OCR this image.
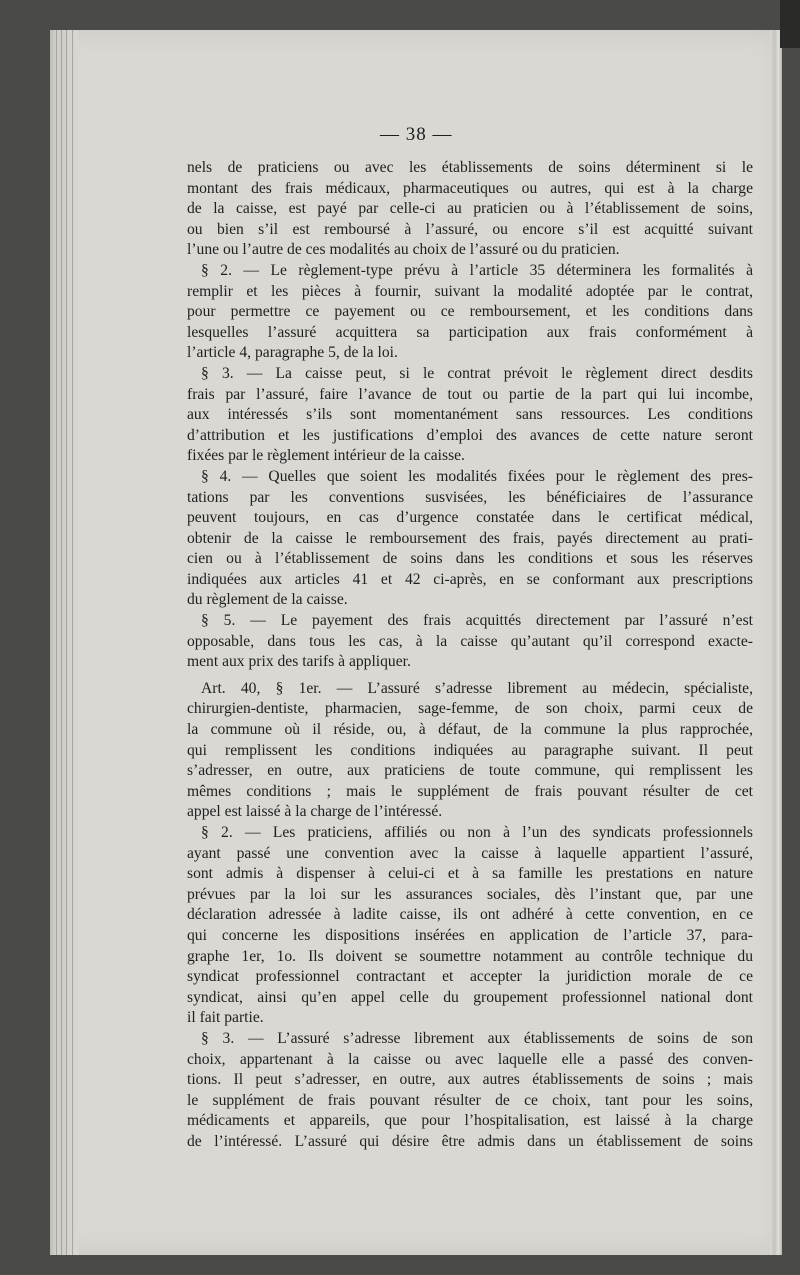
— 38 —

nels de praticiens ou avec les établissements de soins déterminent si le
montant des frais médicaux, pharmaceutiques ou autres, qui est à la charge
de la caisse, est payé par celle-ci au praticien ou à l’établissement de soins,
ou bien s’il est remboursé à l’assuré, ou encore s’il est acquitté suivant
l’une ou l’autre de ces modalités au choix de l’assuré ou du praticien.

§ 2. — Le règlement-type prévu à l’article 35 déterminera les formalités à
remplir et les pièces à fournir, suivant la modalité adoptée par le contrat,
pour permettre ce payement ou ce remboursement, et les conditions dans
lesquelles l’assuré acquittera sa participation aux frais conformément à
l’article 4, paragraphe 5, de la loi.

§ 3. — La caisse peut, si le contrat prévoit le règlement direct desdits
frais par l’assuré, faire l’avance de tout ou partie de la part qui lui incombe,
aux intéressés s’ils sont momentanément sans ressources. Les conditions
d’attribution et les justifications d’emploi des avances de cette nature seront
fixées par le règlement intérieur de la caisse.

§ 4. — Quelles que soient les modalités fixées pour le règlement des pres-
tations par les conventions susvisées, les bénéficiaires de l’assurance
peuvent toujours, en cas d’urgence constatée dans le certificat médical,
obtenir de la caisse le remboursement des frais, payés directement au prati-
cien ou à l’établissement de soins dans les conditions et sous les réserves
indiquées aux articles 41 et 42 ci-après, en se conformant aux prescriptions
du règlement de la caisse.

§ 5. — Le payement des frais acquittés directement par l’assuré n’est
opposable, dans tous les cas, à la caisse qu’autant qu’il correspond exacte-
ment aux prix des tarifs à appliquer.

Art. 40, § 1er. — L’assuré s’adresse librement au médecin, spécialiste,
chirurgien-dentiste, pharmacien, sage-femme, de son choix, parmi ceux de
la commune où il réside, ou, à défaut, de la commune la plus rapprochée,
qui remplissent les conditions indiquées au paragraphe suivant. Il peut
s’adresser, en outre, aux praticiens de toute commune, qui remplissent les
mêmes conditions ; mais le supplément de frais pouvant résulter de cet
appel est laissé à la charge de l’intéressé.

§ 2. — Les praticiens, affiliés ou non à l’un des syndicats professionnels
ayant passé une convention avec la caisse à laquelle appartient l’assuré,
sont admis à dispenser à celui-ci et à sa famille les prestations en nature
prévues par la loi sur les assurances sociales, dès l’instant que, par une
déclaration adressée à ladite caisse, ils ont adhéré à cette convention, en ce
qui concerne les dispositions insérées en application de l’article 37, para-
graphe 1er, 1o. Ils doivent se soumettre notamment au contrôle technique du
syndicat professionnel contractant et accepter la juridiction morale de ce
syndicat, ainsi qu’en appel celle du groupement professionnel national dont
il fait partie.

§ 3. — L’assuré s’adresse librement aux établissements de soins de son
choix, appartenant à la caisse ou avec laquelle elle a passé des conven-
tions. Il peut s’adresser, en outre, aux autres établissements de soins ; mais
le supplément de frais pouvant résulter de ce choix, tant pour les soins,
médicaments et appareils, que pour l’hospitalisation, est laissé à la charge
de l’intéressé. L’assuré qui désire être admis dans un établissement de soins
